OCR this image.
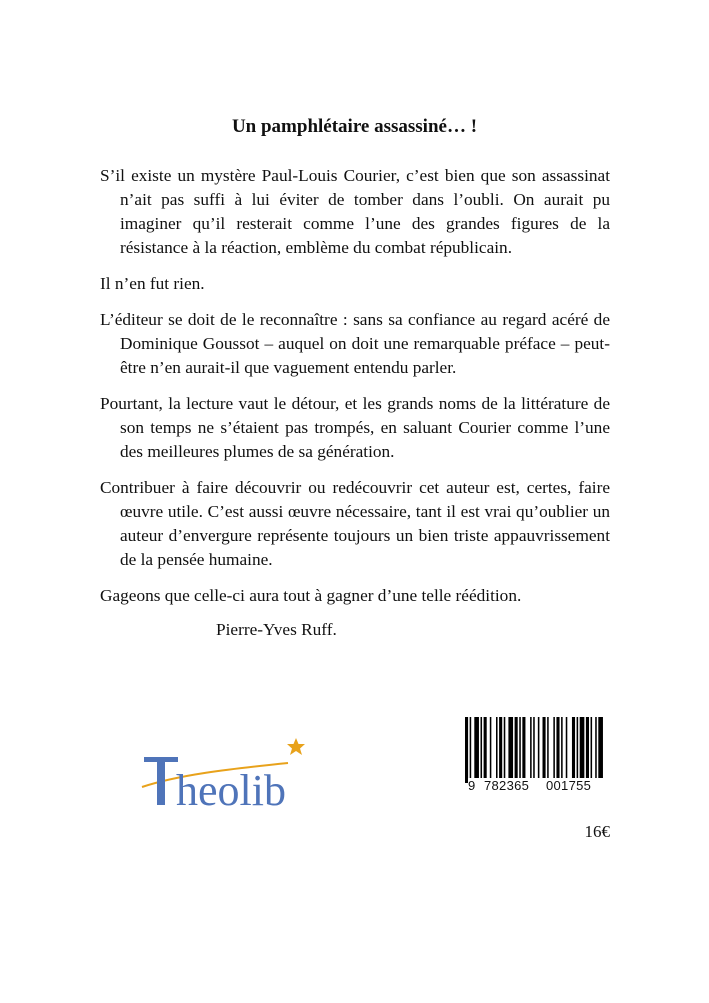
Un pamphlétaire assassiné… !

S’il existe un mystère Paul-Louis Courier, c’est bien que son assassinat n’ait pas suffi à lui éviter de tomber dans l’oubli. On aurait pu imaginer qu’il resterait comme l’une des grandes figures de la résistance à la réaction, emblème du combat républicain.

Il n’en fut rien.

L’éditeur se doit de le reconnaître : sans sa confiance au regard acéré de Dominique Goussot – auquel on doit une remarquable préface – peut-être n’en aurait-il que vaguement entendu parler.

Pourtant, la lecture vaut le détour, et les grands noms de la littérature de son temps ne s’étaient pas trompés, en saluant Courier comme l’une des meilleures plumes de sa génération.

Contribuer à faire découvrir ou redécouvrir cet auteur est, certes, faire œuvre utile. C’est aussi œuvre nécessaire, tant il est vrai qu’oublier un auteur d’envergure représente toujours un bien triste appauvrissement de la pensée humaine.

Gageons que celle-ci aura tout à gagner d’une telle réédition.

Pierre-Yves Ruff.

heolib	9 782365 001755
16€
